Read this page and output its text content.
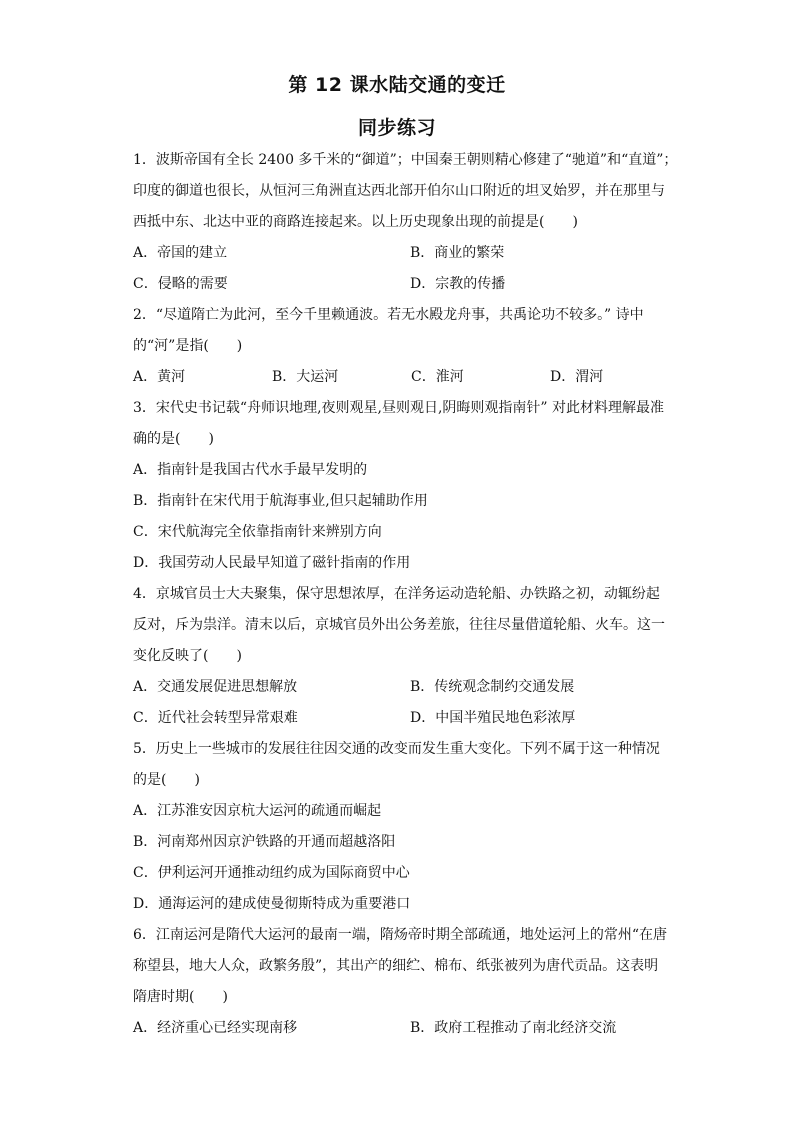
第 12 课水陆交通的变迁
同步练习
1．波斯帝国有全长 2400 多千米的“御道”；中国秦王朝则精心修建了“驰道”和“直道”；
印度的御道也很长，从恒河三角洲直达西北部开伯尔山口附近的坦叉始罗，并在那里与
西抵中东、北达中亚的商路连接起来。以上历史现象出现的前提是(　　)
A．帝国的建立	B．商业的繁荣
C．侵略的需要	D．宗教的传播
2．“尽道隋亡为此河，至今千里赖通波。若无水殿龙舟事，共禹论功不较多。” 诗中
的“河”是指(　　)
A．黄河	B．大运河	C．淮河	D．渭河
3．宋代史书记载“舟师识地理,夜则观星,昼则观日,阴晦则观指南针” 对此材料理解最准
确的是(　　)
A．指南针是我国古代水手最早发明的
B．指南针在宋代用于航海事业,但只起辅助作用
C．宋代航海完全依靠指南针来辨别方向
D．我国劳动人民最早知道了磁针指南的作用
4．京城官员士大夫聚集，保守思想浓厚，在洋务运动造轮船、办铁路之初，动辄纷起
反对，斥为祟洋。清末以后，京城官员外出公务差旅，往往尽量借道轮船、火车。这一
变化反映了(　　)
A．交通发展促进思想解放	B．传统观念制约交通发展
C．近代社会转型异常艰难	D．中国半殖民地色彩浓厚
5．历史上一些城市的发展往往因交通的改变而发生重大变化。下列不属于这一种情况
的是(　　)
A．江苏淮安因京杭大运河的疏通而崛起
B．河南郑州因京沪铁路的开通而超越洛阳
C．伊利运河开通推动纽约成为国际商贸中心
D．通海运河的建成使曼彻斯特成为重要港口
6．江南运河是隋代大运河的最南一端，隋炀帝时期全部疏通，地处运河上的常州“在唐
称望县，地大人众，政繁务殷”，其出产的细纻、棉布、纸张被列为唐代贡品。这表明
隋唐时期(　　)
A．经济重心已经实现南移	B．政府工程推动了南北经济交流
